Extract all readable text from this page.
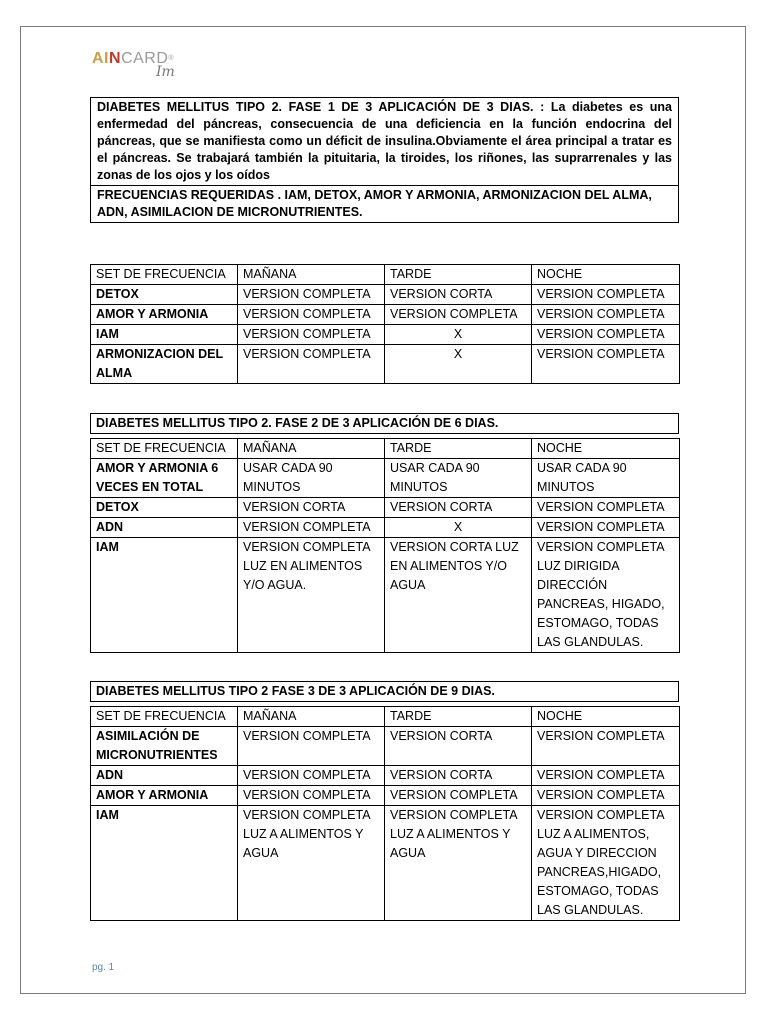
AINCARD®
Im
DIABETES MELLITUS TIPO 2. FASE 1 DE 3 APLICACIÓN DE 3 DIAS. : La diabetes es una enfermedad del páncreas, consecuencia de una deficiencia en la función endocrina del páncreas, que se manifiesta como un déficit de insulina.Obviamente el área principal a tratar es el páncreas. Se trabajará también la pituitaria, la tiroides, los riñones, las suprarrenales y las zonas de los ojos y los oídos
FRECUENCIAS REQUERIDAS . IAM, DETOX, AMOR Y ARMONIA, ARMONIZACION DEL ALMA, ADN, ASIMILACION DE MICRONUTRIENTES.
SET DE FRECUENCIA	MAÑANA	TARDE	NOCHE
DETOX	VERSION COMPLETA	VERSION CORTA	VERSION COMPLETA
AMOR Y ARMONIA	VERSION COMPLETA	VERSION COMPLETA	VERSION COMPLETA
IAM	VERSION COMPLETA	X	VERSION COMPLETA
ARMONIZACION DEL ALMA	VERSION COMPLETA	X	VERSION COMPLETA
DIABETES MELLITUS TIPO 2. FASE 2 DE 3 APLICACIÓN DE 6 DIAS.
SET DE FRECUENCIA	MAÑANA	TARDE	NOCHE
AMOR Y ARMONIA 6 VECES EN TOTAL	USAR CADA 90 MINUTOS	USAR CADA 90 MINUTOS	USAR CADA 90 MINUTOS
DETOX	VERSION CORTA	VERSION CORTA	VERSION COMPLETA
ADN	VERSION COMPLETA	X	VERSION COMPLETA
IAM	VERSION COMPLETA LUZ EN ALIMENTOS Y/O AGUA.	VERSION CORTA LUZ EN ALIMENTOS Y/O AGUA	VERSION COMPLETA LUZ DIRIGIDA DIRECCIÓN PANCREAS, HIGADO, ESTOMAGO, TODAS LAS GLANDULAS.
DIABETES MELLITUS TIPO 2 FASE 3 DE 3 APLICACIÓN DE 9 DIAS.
SET DE FRECUENCIA	MAÑANA	TARDE	NOCHE
ASIMILACIÓN DE MICRONUTRIENTES	VERSION COMPLETA	VERSION CORTA	VERSION COMPLETA
ADN	VERSION COMPLETA	VERSION CORTA	VERSION COMPLETA
AMOR Y ARMONIA	VERSION COMPLETA	VERSION COMPLETA	VERSION COMPLETA
IAM	VERSION COMPLETA LUZ A ALIMENTOS Y AGUA	VERSION COMPLETA LUZ A ALIMENTOS Y AGUA	VERSION COMPLETA LUZ A ALIMENTOS, AGUA Y DIRECCION PANCREAS,HIGADO, ESTOMAGO, TODAS LAS GLANDULAS.
pg. 1
